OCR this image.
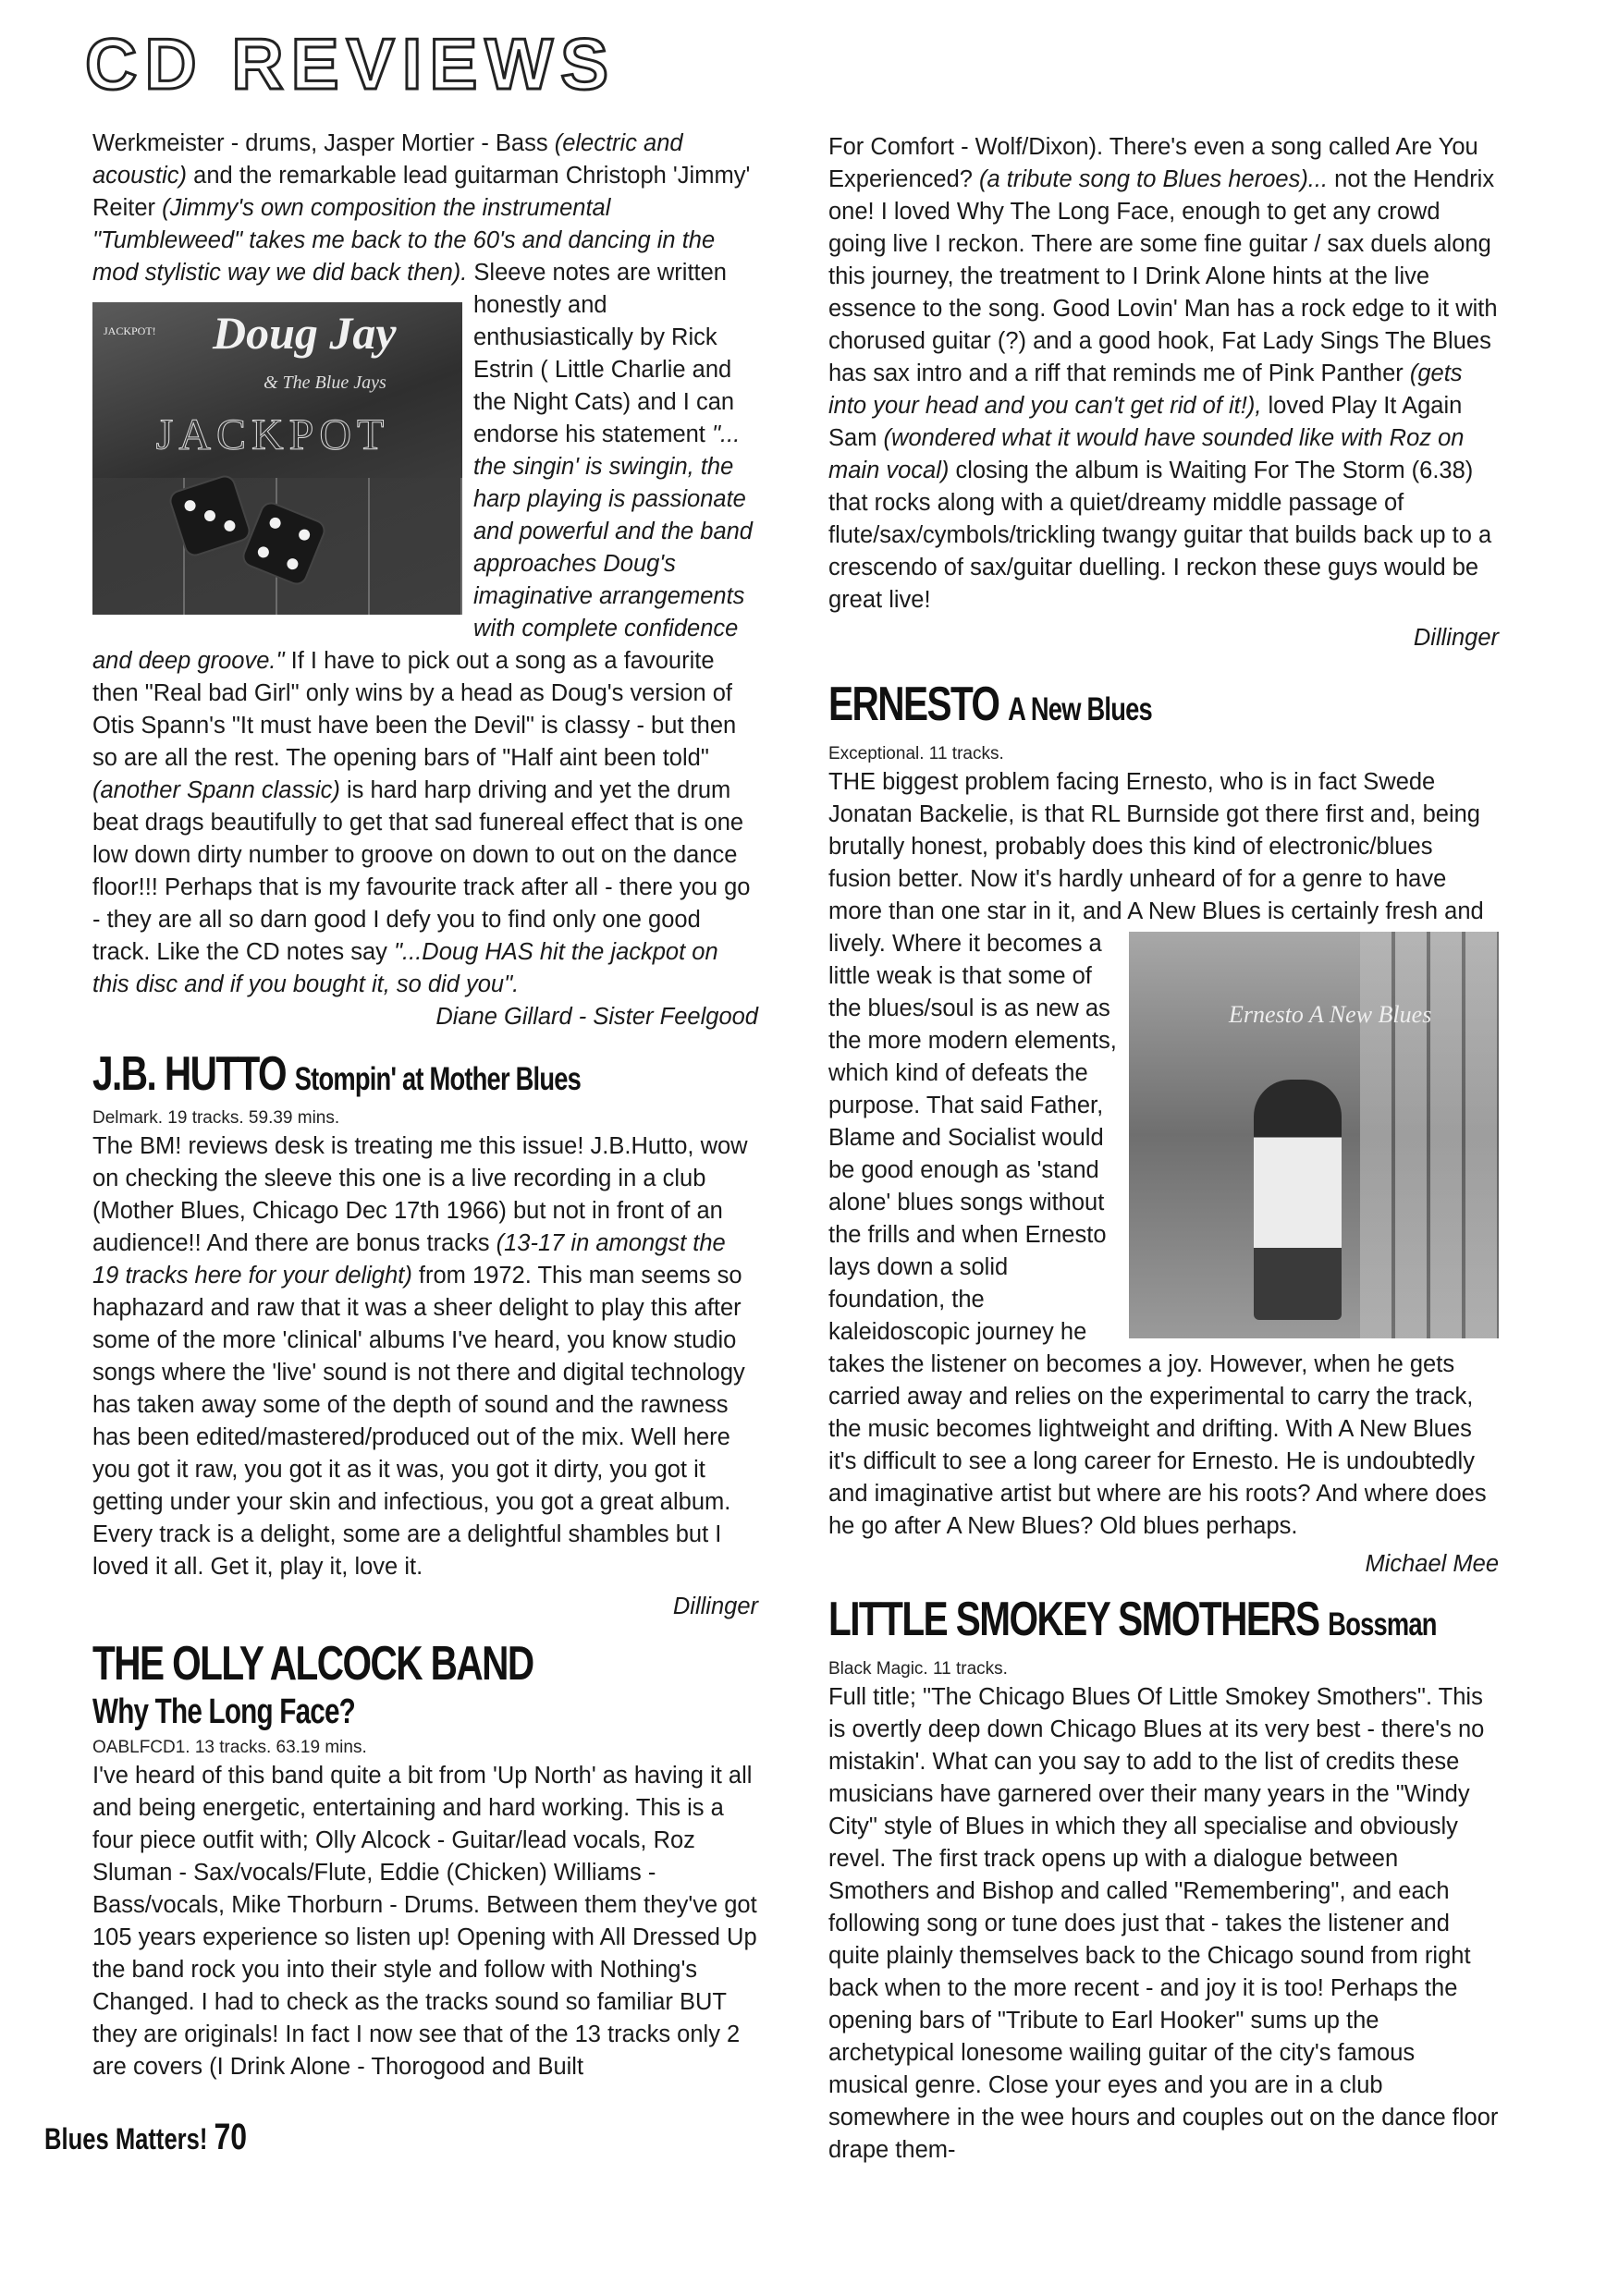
CD REVIEWS

Werkmeister - drums, Jasper Mortier - Bass (electric and acoustic) and the remarkable lead guitarman Christoph 'Jimmy' Reiter (Jimmy's own composition the instrumental "Tumbleweed" takes me back to the 60's and dancing in the mod stylistic way we did back then).
JACKPOT! Doug Jay
& The Blue Jays
JACKPOT
Sleeve notes are written honestly and enthusiastically by Rick Estrin ( Little Charlie and the Night Cats) and I can endorse his statement "... the singin' is swingin, the harp playing is passionate and powerful and the band approaches Doug's imaginative arrangements with complete confidence and deep groove." If I have to pick out a song as a favourite then "Real bad Girl" only wins by a head as Doug's version of Otis Spann's "It must have been the Devil" is classy - but then so are all the rest. The opening bars of "Half aint been told" (another Spann classic) is hard harp driving and yet the drum beat drags beautifully to get that sad funereal effect that is one low down dirty number to groove on down to out on the dance floor!!! Perhaps that is my favourite track after all - there you go - they are all so darn good I defy you to find only one good track. Like the CD notes say "...Doug HAS hit the jackpot on this disc and if you bought it, so did you".

Diane Gillard - Sister Feelgood

J.B. HUTTO Stompin' at Mother Blues
Delmark. 19 tracks. 59.39 mins.

The BM! reviews desk is treating me this issue! J.B.Hutto, wow on checking the sleeve this one is a live recording in a club (Mother Blues, Chicago Dec 17th 1966) but not in front of an audience!! And there are bonus tracks (13-17 in amongst the 19 tracks here for your delight) from 1972. This man seems so haphazard and raw that it was a sheer delight to play this after some of the more 'clinical' albums I've heard, you know studio songs where the 'live' sound is not there and digital technology has taken away some of the depth of sound and the rawness has been edited/mastered/produced out of the mix. Well here you got it raw, you got it as it was, you got it dirty, you got it getting under your skin and infectious, you got a great album. Every track is a delight, some are a delightful shambles but I loved it all. Get it, play it, love it.

Dillinger

THE OLLY ALCOCK BAND
Why The Long Face?
OABLFCD1. 13 tracks. 63.19 mins.

I've heard of this band quite a bit from 'Up North' as having it all and being energetic, entertaining and hard working. This is a four piece outfit with; Olly Alcock - Guitar/lead vocals, Roz Sluman - Sax/vocals/Flute, Eddie (Chicken) Williams - Bass/vocals, Mike Thorburn - Drums. Between them they've got 105 years experience so listen up! Opening with All Dressed Up the band rock you into their style and follow with Nothing's Changed. I had to check as the tracks sound so familiar BUT they are originals! In fact I now see that of the 13 tracks only 2 are covers (I Drink Alone - Thorogood and Built

For Comfort - Wolf/Dixon). There's even a song called Are You Experienced? (a tribute song to Blues heroes)... not the Hendrix one! I loved Why The Long Face, enough to get any crowd going live I reckon. There are some fine guitar / sax duels along this journey, the treatment to I Drink Alone hints at the live essence to the song. Good Lovin' Man has a rock edge to it with chorused guitar (?) and a good hook, Fat Lady Sings The Blues has sax intro and a riff that reminds me of Pink Panther (gets into your head and you can't get rid of it!), loved Play It Again Sam (wondered what it would have sounded like with Roz on main vocal) closing the album is Waiting For The Storm (6.38) that rocks along with a quiet/dreamy middle passage of flute/sax/cymbols/trickling twangy guitar that builds back up to a crescendo of sax/guitar duelling. I reckon these guys would be great live!

Dillinger

ERNESTO A New Blues
Exceptional. 11 tracks.

THE biggest problem facing Ernesto, who is in fact Swede Jonatan Backelie, is that RL Burnside got there first and, being brutally honest, probably does this kind of electronic/blues fusion better. Now it's hardly unheard of for a genre to have more than one star in it, and A New Blues is certainly fresh and lively.
Ernesto A New Blues
Where it becomes a little weak is that some of the blues/soul is as new as the more modern elements, which kind of defeats the purpose. That said Father, Blame and Socialist would be good enough as 'stand alone' blues songs without the frills and when Ernesto lays down a solid foundation, the kaleidoscopic journey he takes the listener on becomes a joy. However, when he gets carried away and relies on the experimental to carry the track, the music becomes lightweight and drifting. With A New Blues it's difficult to see a long career for Ernesto. He is undoubtedly and imaginative artist but where are his roots? And where does he go after A New Blues? Old blues perhaps.

Michael Mee

LITTLE SMOKEY SMOTHERS Bossman
Black Magic. 11 tracks.

Full title; "The Chicago Blues Of Little Smokey Smothers". This is overtly deep down Chicago Blues at its very best - there's no mistakin'. What can you say to add to the list of credits these musicians have garnered over their many years in the "Windy City" style of Blues in which they all specialise and obviously revel. The first track opens up with a dialogue between Smothers and Bishop and called "Remembering", and each following song or tune does just that - takes the listener and quite plainly themselves back to the Chicago sound from right back when to the more recent - and joy it is too! Perhaps the opening bars of "Tribute to Earl Hooker" sums up the archetypical lonesome wailing guitar of the city's famous musical genre. Close your eyes and you are in a club somewhere in the wee hours and couples out on the dance floor drape them-

Blues Matters! 70
